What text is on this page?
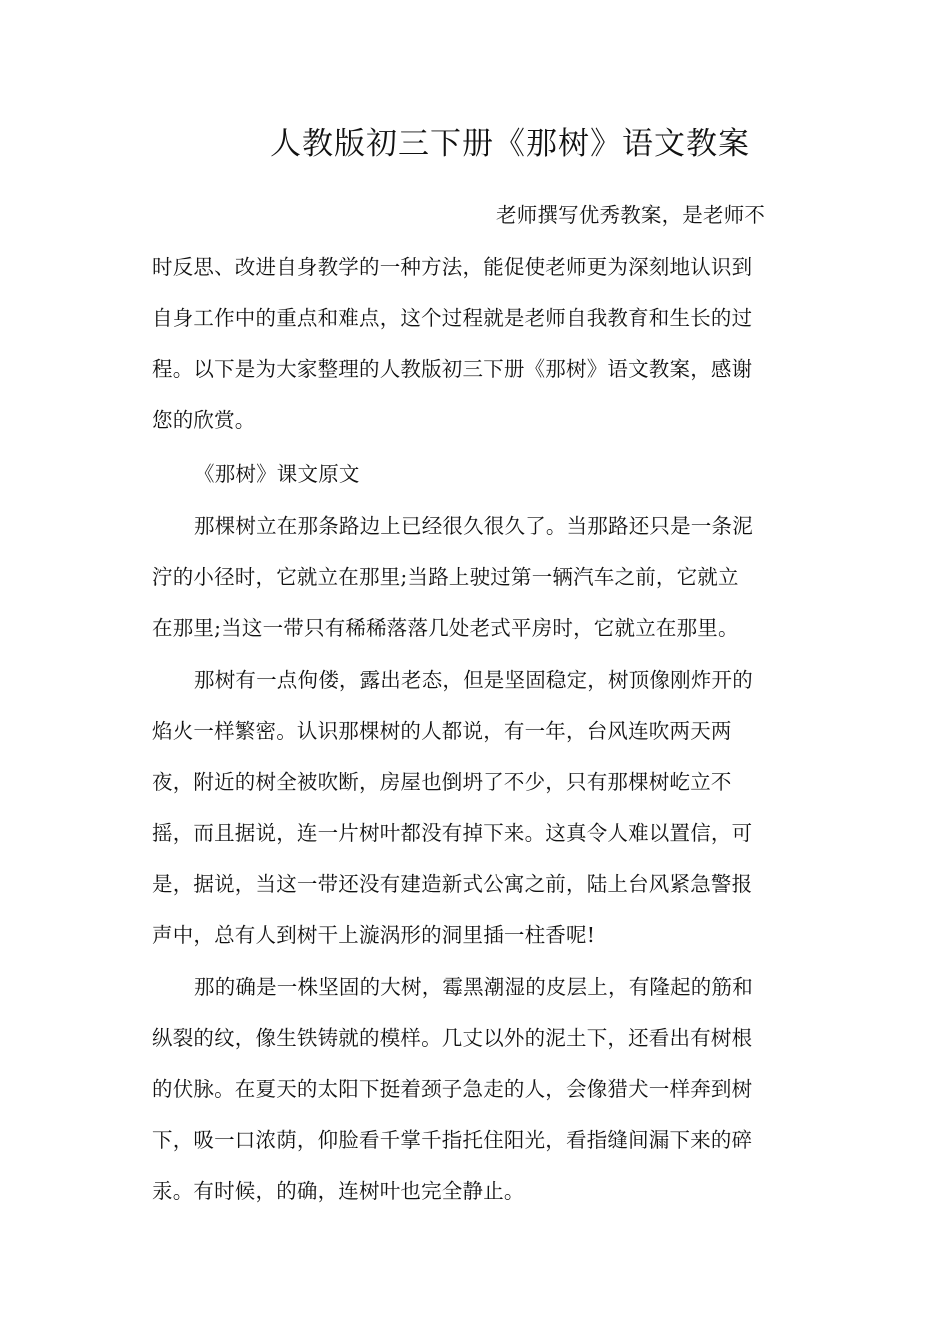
人教版初三下册《那树》语文教案
老师撰写优秀教案，是老师不
时反思、改进自身教学的一种方法，能促使老师更为深刻地认识到
自身工作中的重点和难点，这个过程就是老师自我教育和生长的过
程。以下是为大家整理的人教版初三下册《那树》语文教案，感谢
您的欣赏。
《那树》课文原文
那棵树立在那条路边上已经很久很久了。当那路还只是一条泥
泞的小径时，它就立在那里;当路上驶过第一辆汽车之前，它就立
在那里;当这一带只有稀稀落落几处老式平房时，它就立在那里。
那树有一点佝偻，露出老态，但是坚固稳定，树顶像刚炸开的
焰火一样繁密。认识那棵树的人都说，有一年，台风连吹两天两
夜，附近的树全被吹断，房屋也倒坍了不少，只有那棵树屹立不
摇，而且据说，连一片树叶都没有掉下来。这真令人难以置信，可
是，据说，当这一带还没有建造新式公寓之前，陆上台风紧急警报
声中，总有人到树干上漩涡形的洞里插一柱香呢!
那的确是一株坚固的大树，霉黑潮湿的皮层上，有隆起的筋和
纵裂的纹，像生铁铸就的模样。几丈以外的泥土下，还看出有树根
的伏脉。在夏天的太阳下挺着颈子急走的人，会像猎犬一样奔到树
下，吸一口浓荫，仰脸看千掌千指托住阳光，看指缝间漏下来的碎
汞。有时候，的确，连树叶也完全静止。
